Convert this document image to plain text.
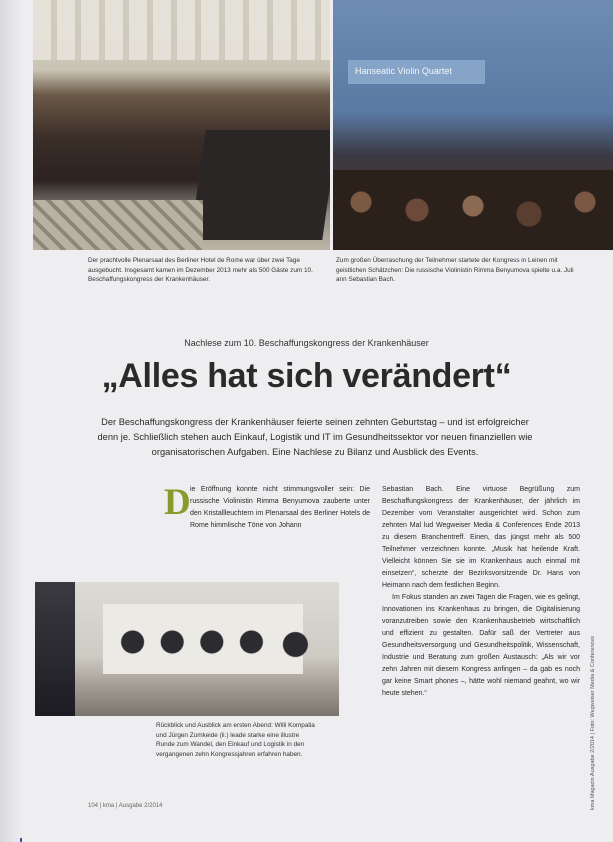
Hanseatic Violin Quartet
Der prachtvolle Plenarsaal des Berliner Hotel de Rome war über zwei Tage ausgebucht. Insgesamt kamen im Dezember 2013 mehr als 500 Gäste zum 10. Beschaffungskongress der Krankenhäuser.
Zum großen Überraschung der Teilnehmer startete der Kongress in Leinen mit geistlichen Schätzchen: Die russische Violinistin Rimma Benyumova spielte u.a. Juli ann Sebastian Bach.
Nachlese zum 10. Beschaffungskongress der Krankenhäuser
„Alles hat sich verändert“
Der Beschaffungskongress der Krankenhäuser feierte seinen zehnten Geburtstag – und ist erfolgreicher denn je. Schließlich stehen auch Einkauf, Logistik und IT im Gesundheitssektor vor neuen finanziellen wie organisatorischen Aufgaben. Eine Nachlese zu Bilanz und Ausblick des Events.
D ie Eröffnung konnte nicht stimmungsvoller sein: Die russische Violinistin Rimma Benyumova zauberte unter den Kristallleuchtern im Plenarsaal des Berliner Hotels de Rome himmlische Töne von Johann
Sebastian Bach. Eine virtuose Begrüßung zum Beschaffungskongress der Krankenhäuser, der jährlich im Dezember vom Veranstalter ausgerichtet wird. Schon zum zehnten Mal lud Wegweiser Media & Conferences Ende 2013 zu diesem Branchentreff. Einen, das jüngst mehr als 500 Teilnehmer verzeichnen konnte. „Musik hat heilende Kraft. Vielleicht können Sie sie im Krankenhaus auch einmal mit einsetzen“, scherzte der Bezirksvorsitzende Dr. Hans von Heimann nach dem festlichen Beginn.

Im Fokus standen an zwei Tagen die Fragen, wie es gelingt, Innovationen ins Krankenhaus zu bringen, die Digitalisierung voranzutreiben sowie den Krankenhausbetrieb wirtschaftlich und effizient zu gestalten. Dafür saß der Vertreter aus Gesundheitsversorgung und Gesundheitspolitik, Wissenschaft, Industrie und Beratung zum großen Austausch: „Als wir vor zehn Jahren mit diesem Kongress anfingen – da gab es noch gar keine Smart phones –, hätte wohl niemand geahnt, wo wir heute stehen.“
Rückblick und Ausblick am ersten Abend: Willi Kompalla und Jürgen Zumkeide (li.) leade starke eine illustre Runde zum Wandel, den Einkauf und Logistik in den vergangenen zehn Kongressjahren erfahren haben.
104 | kma | Ausgabe 2/2014	kma Magazin Ausgabe 2/2014 | Foto: Wegweiser Media & Conferences
